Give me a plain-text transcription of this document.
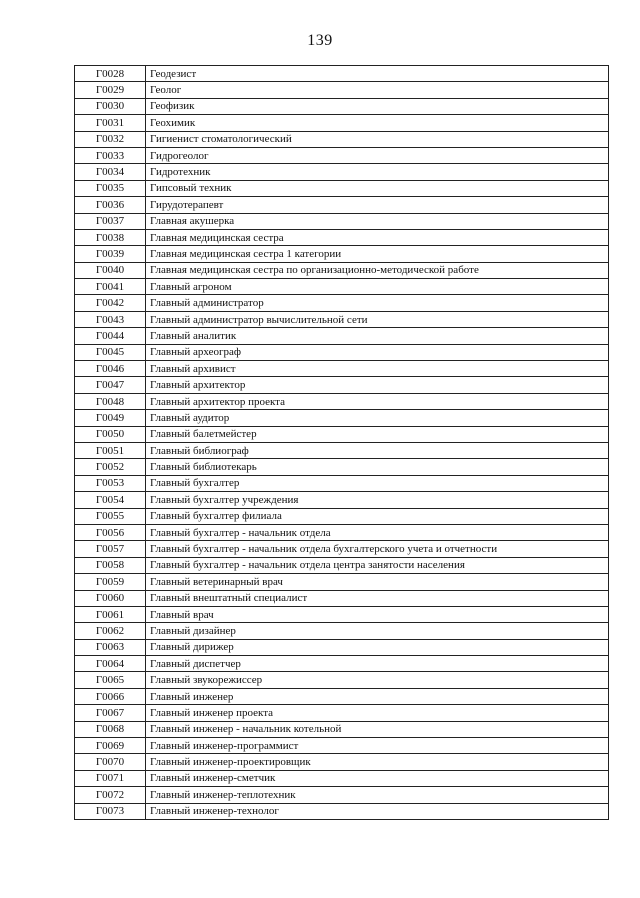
139
Г0028	Геодезист
Г0029	Геолог
Г0030	Геофизик
Г0031	Геохимик
Г0032	Гигиенист стоматологический
Г0033	Гидрогеолог
Г0034	Гидротехник
Г0035	Гипсовый техник
Г0036	Гирудотерапевт
Г0037	Главная акушерка
Г0038	Главная медицинская сестра
Г0039	Главная медицинская сестра 1 категории
Г0040	Главная медицинская сестра по организационно-методической работе
Г0041	Главный агроном
Г0042	Главный администратор
Г0043	Главный администратор вычислительной сети
Г0044	Главный аналитик
Г0045	Главный археограф
Г0046	Главный архивист
Г0047	Главный архитектор
Г0048	Главный архитектор проекта
Г0049	Главный аудитор
Г0050	Главный балетмейстер
Г0051	Главный библиограф
Г0052	Главный библиотекарь
Г0053	Главный бухгалтер
Г0054	Главный бухгалтер учреждения
Г0055	Главный бухгалтер филиала
Г0056	Главный бухгалтер - начальник отдела
Г0057	Главный бухгалтер - начальник отдела бухгалтерского учета и отчетности
Г0058	Главный бухгалтер - начальник отдела центра занятости населения
Г0059	Главный ветеринарный врач
Г0060	Главный внештатный специалист
Г0061	Главный врач
Г0062	Главный дизайнер
Г0063	Главный дирижер
Г0064	Главный диспетчер
Г0065	Главный звукорежиссер
Г0066	Главный инженер
Г0067	Главный инженер проекта
Г0068	Главный инженер - начальник котельной
Г0069	Главный инженер-программист
Г0070	Главный инженер-проектировщик
Г0071	Главный инженер-сметчик
Г0072	Главный инженер-теплотехник
Г0073	Главный инженер-технолог
